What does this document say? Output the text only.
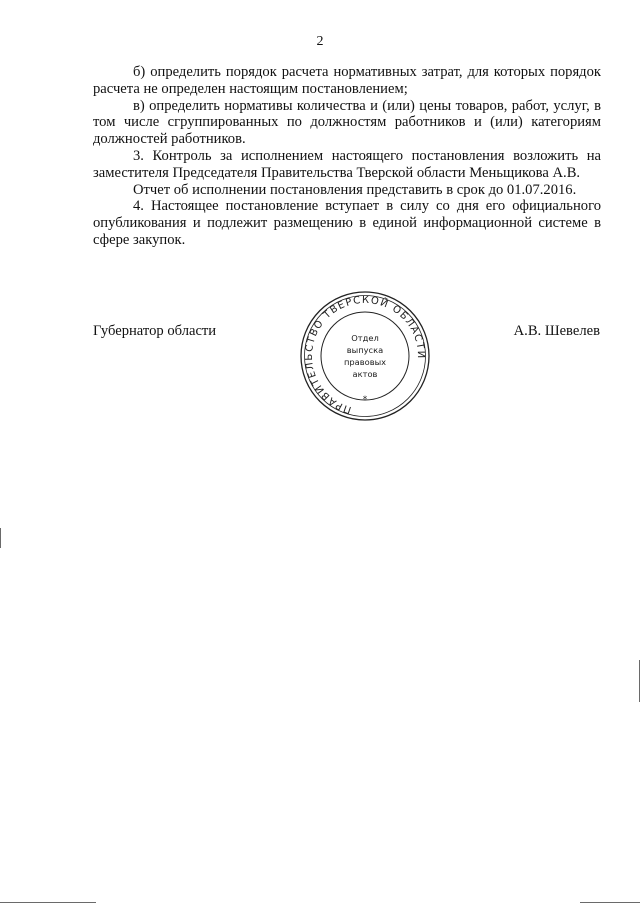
2

б) определить порядок расчета нормативных затрат, для которых порядок расчета не определен настоящим постановлением;

в) определить нормативы количества и (или) цены товаров, работ, услуг, в том числе сгруппированных по должностям работников и (или) категориям должностей работников.

3. Контроль за исполнением настоящего постановления возложить на заместителя Председателя Правительства Тверской области Меньщикова А.В.

Отчет об исполнении постановления представить в срок до 01.07.2016.

4. Настоящее постановление вступает в силу со дня его официального опубликования и подлежит размещению в единой информационной системе в сфере закупок.

Губернатор области
ПРАВИТЕЛЬСТВО ТВЕРСКОЙ ОБЛАСТИ
*
Отдел
выпуска
правовых
актов
А.В. Шевелев
